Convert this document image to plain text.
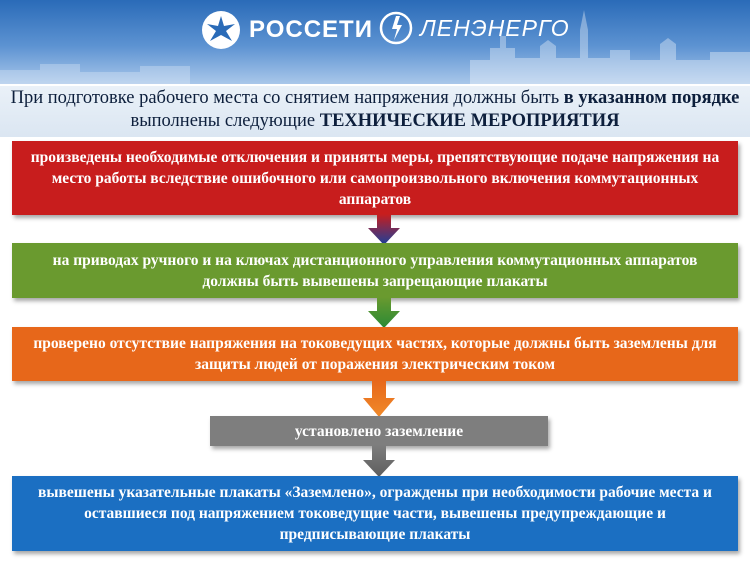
РОССЕТИ ЛЕНЭНЕРГО
При подготовке рабочего места со снятием напряжения должны быть в указанном порядке выполнены следующие ТЕХНИЧЕСКИЕ МЕРОПРИЯТИЯ
произведены необходимые отключения и приняты меры, препятствующие подаче напряжения на место работы вследствие ошибочного или самопроизвольного включения коммутационных аппаратов
на приводах ручного и на ключах дистанционного управления коммутационных аппаратов должны быть вывешены запрещающие плакаты
проверено отсутствие напряжения на токоведущих частях, которые должны быть заземлены для защиты людей от поражения электрическим током
установлено заземление
вывешены указательные плакаты «Заземлено», ограждены при необходимости рабочие места и оставшиеся под напряжением токоведущие части, вывешены предупреждающие и предписывающие плакаты
